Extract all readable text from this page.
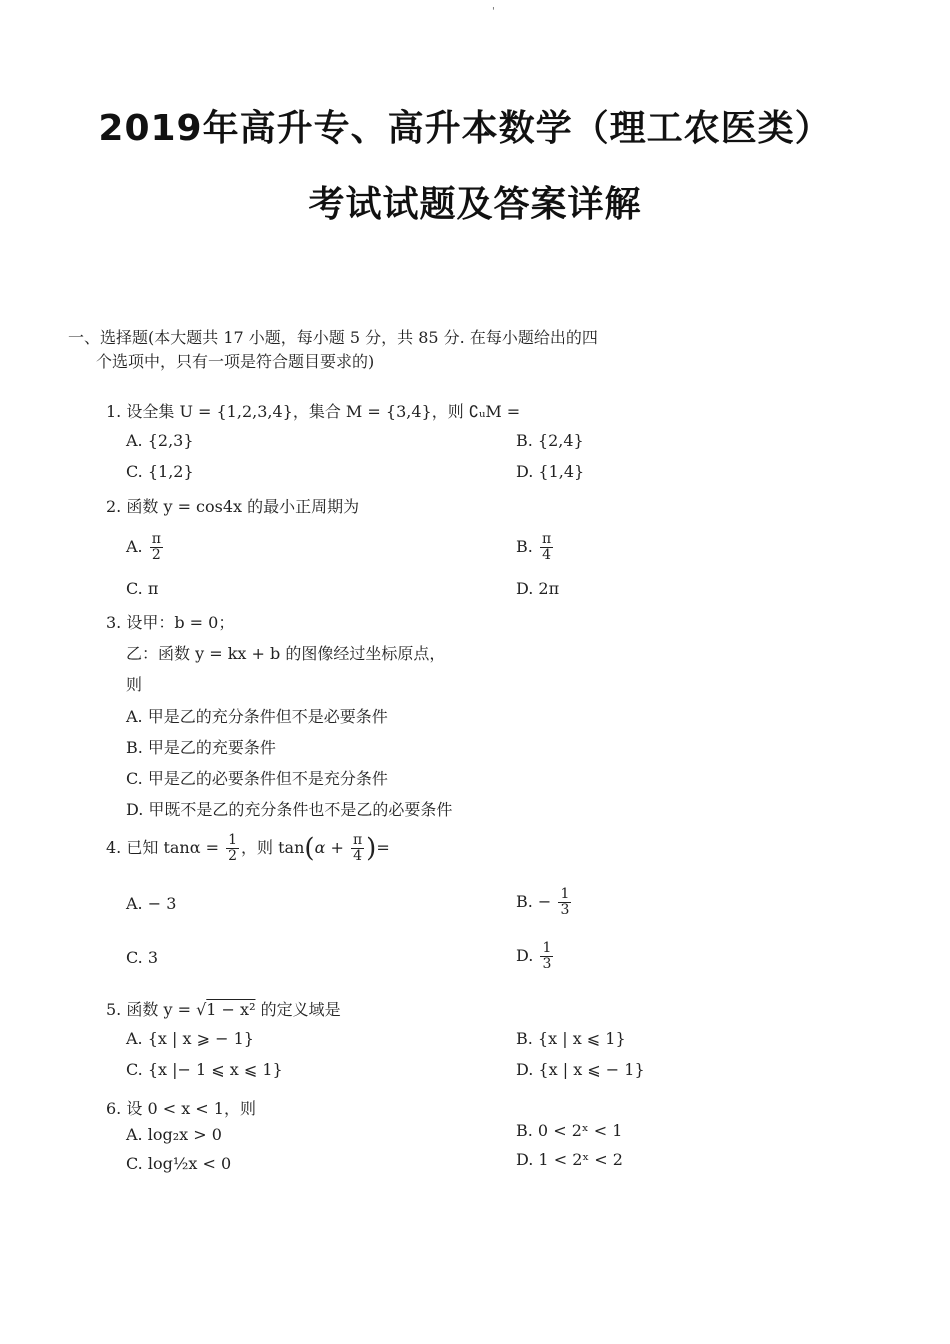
'
2019年高升专、高升本数学（理工农医类）
考试试题及答案详解
一、选择题(本大题共 17 小题，每小题 5 分，共 85 分. 在每小题给出的四
个选项中，只有一项是符合题目要求的)
1. 设全集 U = {1,2,3,4}，集合 M = {3,4}，则 ∁ᵤM =
A. {2,3}	B. {2,4}
C. {1,2}	D. {1,4}
2. 函数 y = cos4x 的最小正周期为
A. $\frac{\pi}{2}$	B. $\frac{\pi}{4}$
C. π	D. 2π
3. 设甲：b = 0；
乙：函数 y = kx + b 的图像经过坐标原点，
则
A. 甲是乙的充分条件但不是必要条件
B. 甲是乙的充要条件
C. 甲是乙的必要条件但不是充分条件
D. 甲既不是乙的充分条件也不是乙的必要条件
4. 已知 $\tan\alpha = \frac{1}{2}$ ，则 $\tan(\alpha + \frac{\pi}{4}$ )=
A. − 3	B. − $\frac{1}{3}$
C. 3	D. $\frac{1}{3}$
5. 函数 y = √1 − x² 的定义域是
A. {x | x ⩾ − 1}	B. {x | x ⩽ 1}
C. {x |− 1 ⩽ x ⩽ 1}	D. {x | x ⩽ − 1}
6. 设 0 < x < 1，则
A. log₂x > 0	B. 0 < 2ˣ < 1
C. log½x < 0	D. 1 < 2ˣ < 2
